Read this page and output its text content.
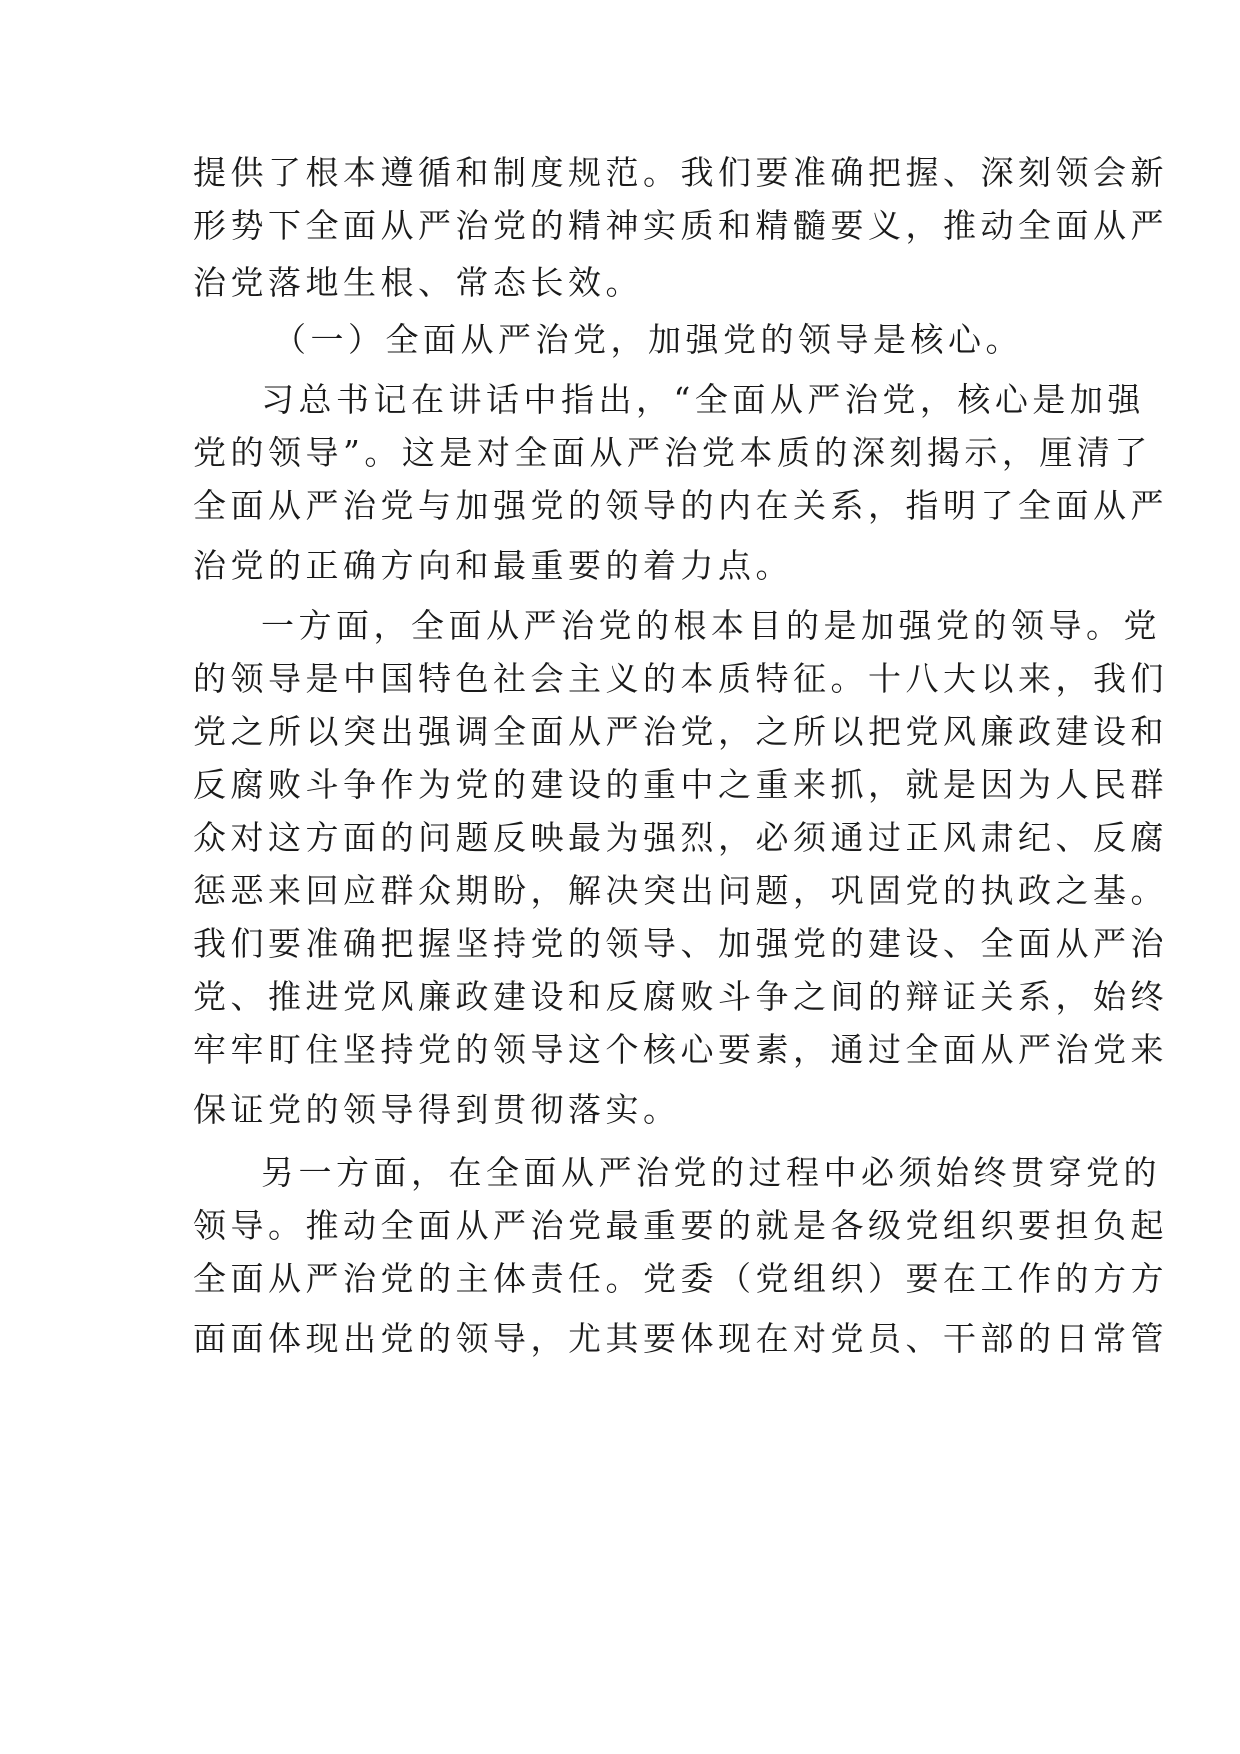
提供了根本遵循和制度规范。我们要准确把握、深刻领会新
形势下全面从严治党的精神实质和精髓要义，推动全面从严
治党落地生根、常态长效。
（一）全面从严治党，加强党的领导是核心。
习总书记在讲话中指出，“全面从严治党，核心是加强
党的领导”。这是对全面从严治党本质的深刻揭示，厘清了
全面从严治党与加强党的领导的内在关系，指明了全面从严
治党的正确方向和最重要的着力点。
一方面，全面从严治党的根本目的是加强党的领导。党
的领导是中国特色社会主义的本质特征。十八大以来，我们
党之所以突出强调全面从严治党，之所以把党风廉政建设和
反腐败斗争作为党的建设的重中之重来抓，就是因为人民群
众对这方面的问题反映最为强烈，必须通过正风肃纪、反腐
惩恶来回应群众期盼，解决突出问题，巩固党的执政之基。
我们要准确把握坚持党的领导、加强党的建设、全面从严治
党、推进党风廉政建设和反腐败斗争之间的辩证关系，始终
牢牢盯住坚持党的领导这个核心要素，通过全面从严治党来
保证党的领导得到贯彻落实。
另一方面，在全面从严治党的过程中必须始终贯穿党的
领导。推动全面从严治党最重要的就是各级党组织要担负起
全面从严治党的主体责任。党委（党组织）要在工作的方方
面面体现出党的领导，尤其要体现在对党员、干部的日常管
